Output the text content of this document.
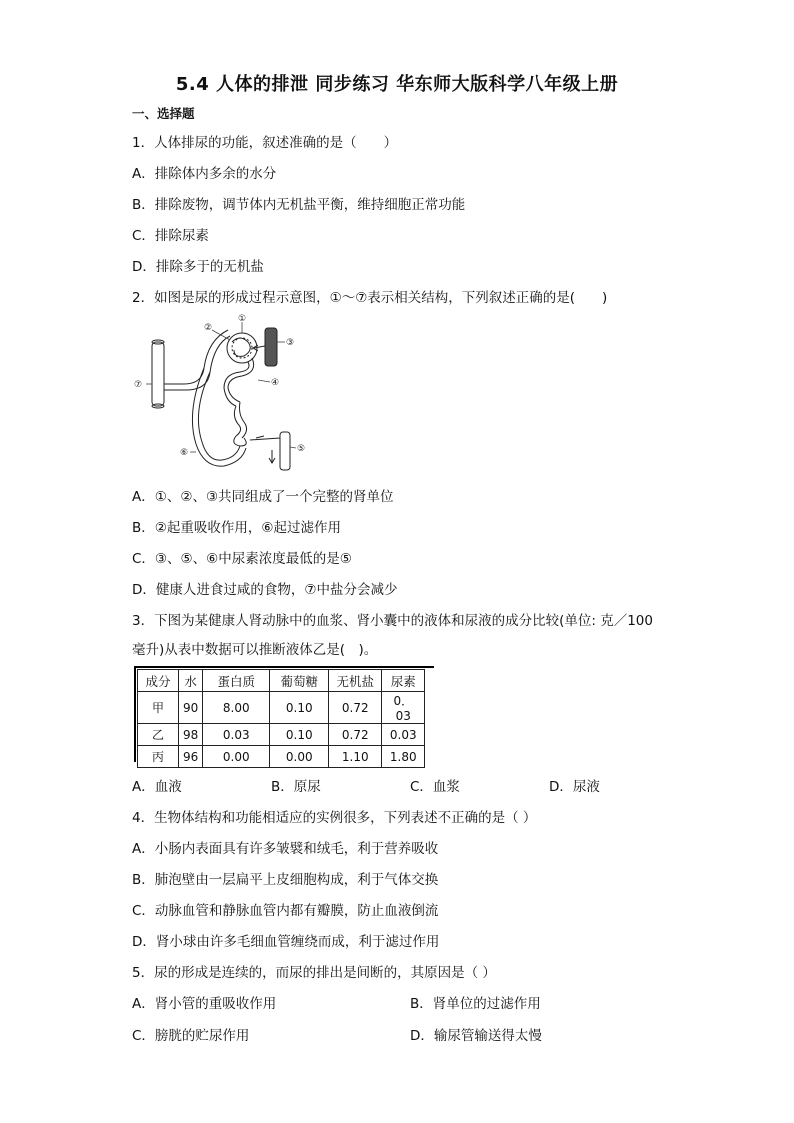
5.4 人体的排泄 同步练习 华东师大版科学八年级上册
一、选择题
1．人体排尿的功能，叙述准确的是（　　）
A．排除体内多余的水分
B．排除废物，调节体内无机盐平衡，维持细胞正常功能
C．排除尿素
D．排除多于的无机盐
2．如图是尿的形成过程示意图，①～⑦表示相关结构，下列叙述正确的是(　　)
①
②
③
④
⑤
⑥
⑦
A．①、②、③共同组成了一个完整的肾单位
B．②起重吸收作用，⑥起过滤作用
C．③、⑤、⑥中尿素浓度最低的是⑤
D．健康人进食过咸的食物，⑦中盐分会减少
3．下图为某健康人肾动脉中的血浆、肾小囊中的液体和尿液的成分比较(单位: 克／100
毫升)从表中数据可以推断液体乙是(　)。
成分	水	蛋白质	葡萄糖	无机盐	尿素
甲	90	8.00	0.10	0.72	0．03
乙	98	0.03	0.10	0.72	0.03
丙	96	0.00	0.00	1.10	1.80
A．血液	B．原尿	C．血浆	D．尿液
4．生物体结构和功能相适应的实例很多，下列表述不正确的是（ ）
A．小肠内表面具有许多皱襞和绒毛，利于营养吸收
B．肺泡壁由一层扁平上皮细胞构成，利于气体交换
C．动脉血管和静脉血管内都有瓣膜，防止血液倒流
D．肾小球由许多毛细血管缠绕而成，利于滤过作用
5．尿的形成是连续的，而尿的排出是间断的，其原因是（ ）
A．肾小管的重吸收作用	B．肾单位的过滤作用
C．膀胱的贮尿作用	D．输尿管输送得太慢
